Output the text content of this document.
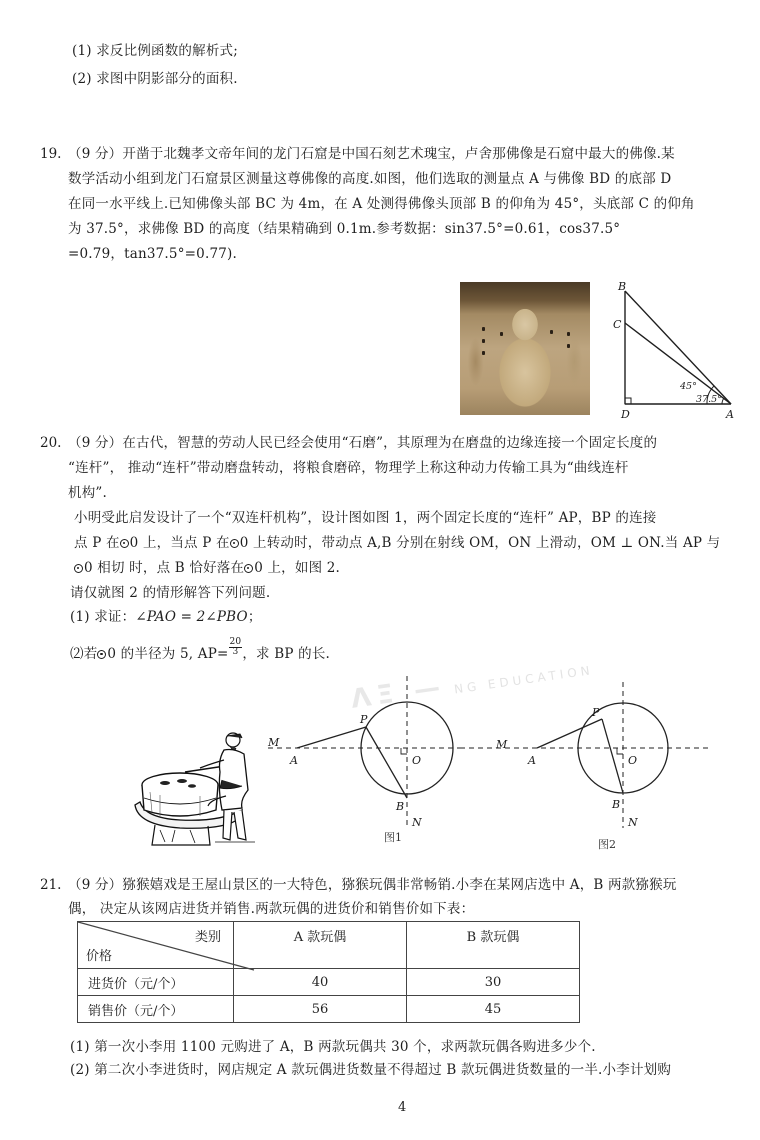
(1) 求反比例函数的解析式;
(2) 求图中阴影部分的面积.
19. （9 分）开凿于北魏孝文帝年间的龙门石窟是中国石刻艺术瑰宝，卢舍那佛像是石窟中最大的佛像.某
数学活动小组到龙门石窟景区测量这尊佛像的高度.如图，他们选取的测量点 A 与佛像 BD 的底部 D
在同一水平线上.已知佛像头部 BC 为 4m，在 A 处测得佛像头顶部 B 的仰角为 45°，头底部 C 的仰角
为 37.5°，求佛像 BD 的高度（结果精确到 0.1m.参考数据：sin37.5°=0.61，cos37.5°
=0.79，tan37.5°=0.77).
B
C
D	A
45°
37.5°
20. （9 分）在古代，智慧的劳动人民已经会使用“石磨”，其原理为在磨盘的边缘连接一个固定长度的
“连杆”， 推动“连杆”带动磨盘转动，将粮食磨碎，物理学上称这种动力传输工具为“曲线连杆
机构”.
小明受此启发设计了一个“双连杆机构”，设计图如图 1，两个固定长度的“连杆” AP，BP 的连接
点 P 在 0 上，当点 P 在 0 上转动时，带动点 A,B 分别在射线 OM，ON 上滑动，OM ⊥ ON.当 AP 与
0 相切 时，点 B 恰好落在 0 上，如图 2.
请仅就图 2 的情形解答下列问题.
(1) 求证：∠PAO = 2∠PBO；
⑵若 0 的半径为 5, $AP= \frac{20}{3}$ ，求 BP 的长.
ΛΞ — NG EDUCATION
M
A
P
O
B
N
图1
M
A
P
O
B
N
图2
21. （9 分）猕猴嬉戏是王屋山景区的一大特色，猕猴玩偶非常畅销.小李在某网店选中 A，B 两款猕猴玩
偶， 决定从该网店进货并销售.两款玩偶的进货价和销售价如下表：
类别
价格	A 款玩偶	B 款玩偶
进货价（元/个）	40	30
销售价（元/个）	56	45
(1) 第一次小李用 1100 元购进了 A，B 两款玩偶共 30 个，求两款玩偶各购进多少个.
(2) 第二次小李进货时，网店规定 A 款玩偶进货数量不得超过 B 款玩偶进货数量的一半.小李计划购
4
